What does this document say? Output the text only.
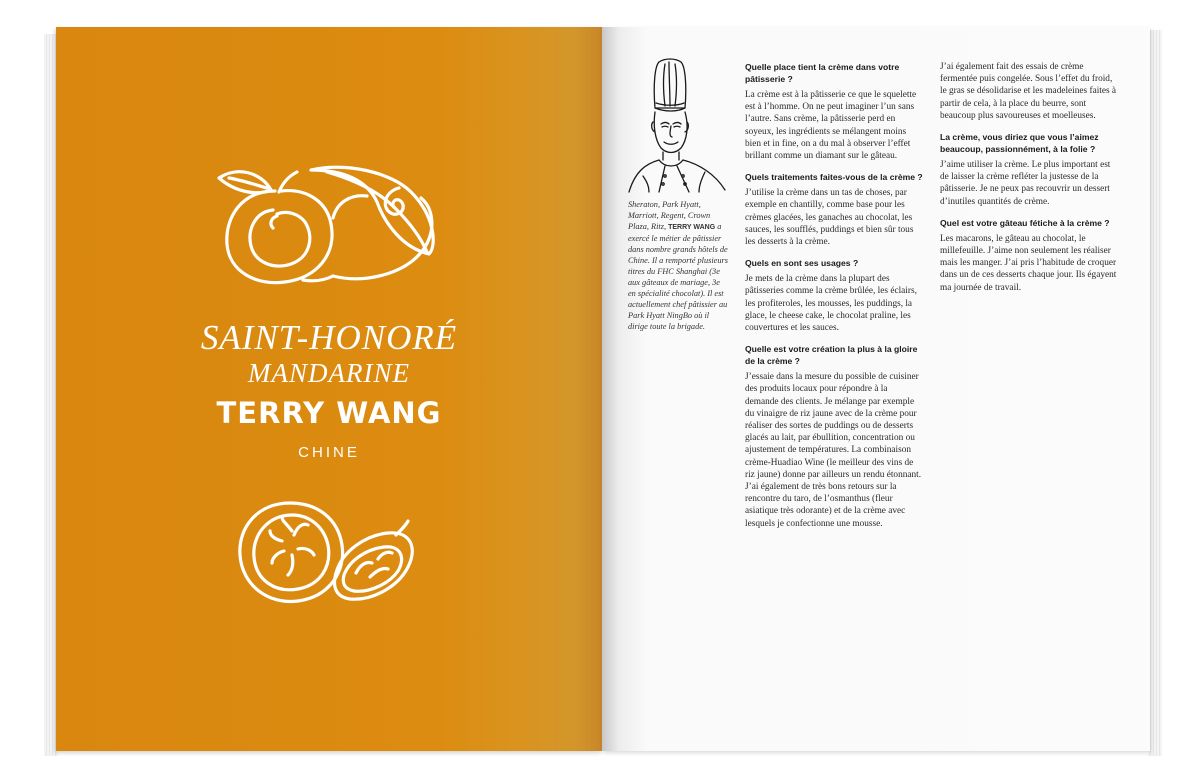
SAINT-HONORÉ
MANDARINE
TERRY WANG
CHINE
Sheraton, Park Hyatt, Marriott, Regent, Crown Plaza, Ritz, TERRY WANG a exercé le métier de pâtissier dans nombre grands hôtels de Chine. Il a remporté plusieurs titres du FHC Shanghai (3e aux gâteaux de mariage, 3e en spécialité chocolat). Il est actuellement chef pâtissier au Park Hyatt NingBo où il dirige toute la brigade.
Quelle place tient la crème dans votre pâtisserie ?
La crème est à la pâtisserie ce que le squelette est à l’homme. On ne peut imaginer l’un sans l’autre. Sans crème, la pâtisserie perd en soyeux, les ingrédients se mélangent moins bien et in fine, on a du mal à observer l’effet brillant comme un diamant sur le gâteau.
Quels traitements faites-vous de la crème ?
J’utilise la crème dans un tas de choses, par exemple en chantilly, comme base pour les crèmes glacées, les ganaches au chocolat, les sauces, les soufflés, puddings et bien sûr tous les desserts à la crème.
Quels en sont ses usages ?
Je mets de la crème dans la plupart des pâtisseries comme la crème brûlée, les éclairs, les profiteroles, les mousses, les puddings, la glace, le cheese cake, le chocolat praline, les couvertures et les sauces.
Quelle est votre création la plus à la gloire de la crème ?
J’essaie dans la mesure du possible de cuisiner des produits locaux pour répondre à la demande des clients. Je mélange par exemple du vinaigre de riz jaune avec de la crème pour réaliser des sortes de puddings ou de desserts glacés au lait, par ébullition, concentration ou ajustement de températures. La combinaison crème-Huadiao Wine (le meilleur des vins de riz jaune) donne par ailleurs un rendu étonnant. J’ai également de très bons retours sur la rencontre du taro, de l’osmanthus (fleur asiatique très odorante) et de la crème avec lesquels je confectionne une mousse.
J’ai également fait des essais de crème fermentée puis congelée. Sous l’effet du froid, le gras se désolidarise et les madeleines faites à partir de cela, à la place du beurre, sont beaucoup plus savoureuses et moelleuses.
La crème, vous diriez que vous l’aimez beaucoup, passionnément, à la folie ?
J’aime utiliser la crème. Le plus important est de laisser la crème refléter la justesse de la pâtisserie. Je ne peux pas recouvrir un dessert d’inutiles quantités de crème.
Quel est votre gâteau fétiche à la crème ?
Les macarons, le gâteau au chocolat, le millefeuille. J’aime non seulement les réaliser mais les manger. J’ai pris l’habitude de croquer dans un de ces desserts chaque jour. Ils égayent ma journée de travail.
